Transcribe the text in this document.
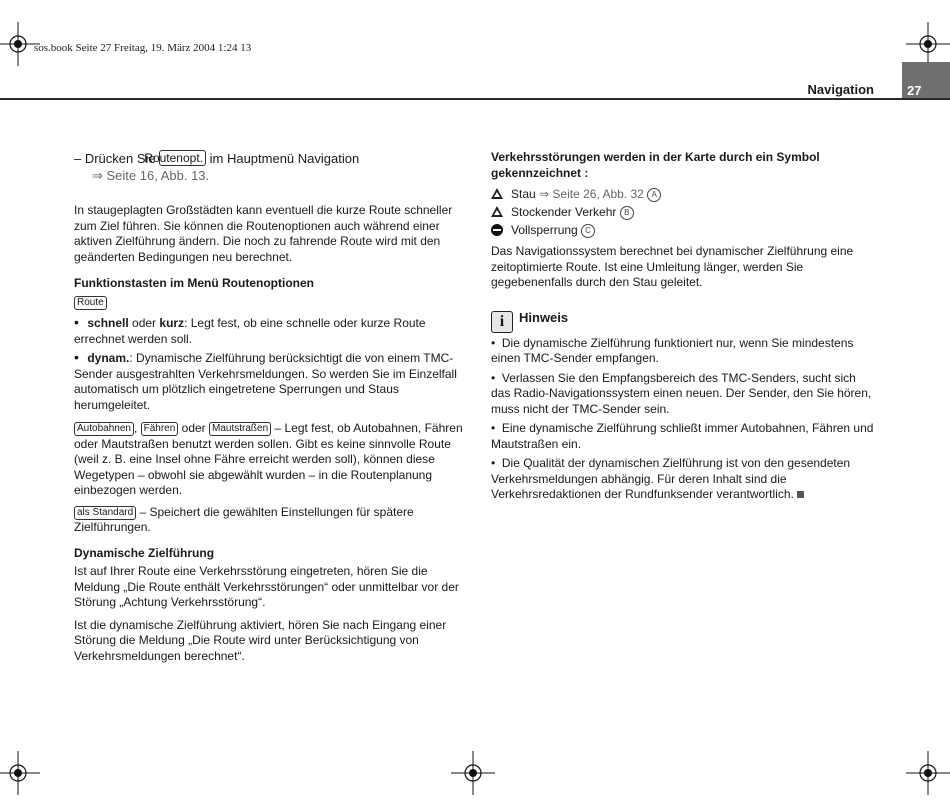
sos.book Seite 27 Freitag, 19. März 2004 1:24 13
Navigation	27

– Drücken Sie Routenopt. im Hauptmenü Navigation
⇒ Seite 16, Abb. 13.

In staugeplagten Großstädten kann eventuell die kurze Route schneller zum Ziel führen. Sie können die Routenoptionen auch während einer aktiven Zielführung ändern. Die noch zu fahrende Route wird mit den geänderten Bedingungen neu berechnet.

Funktionstasten im Menü Routenoptionen

Route

• schnell oder kurz: Legt fest, ob eine schnelle oder kurze Route errechnet werden soll.

• dynam.: Dynamische Zielführung berücksichtigt die von einem TMC-Sender ausgestrahlten Verkehrsmeldungen. So werden Sie im Einzelfall automatisch um plötzlich eingetretene Sperrungen und Staus herumgeleitet.

Autobahnen , Fähren oder Mautstraßen – Legt fest, ob Autobahnen, Fähren oder Mautstraßen benutzt werden sollen. Gibt es keine sinnvolle Route (weil z. B. eine Insel ohne Fähre erreicht werden soll), können diese Wegetypen – obwohl sie abgewählt wurden – in die Routenplanung einbezogen werden.

als Standard – Speichert die gewählten Einstellungen für spätere Zielführungen.

Dynamische Zielführung

Ist auf Ihrer Route eine Verkehrsstörung eingetreten, hören Sie die Meldung „Die Route enthält Verkehrsstörungen“ oder unmittelbar vor der Störung „Achtung Verkehrsstörung“.

Ist die dynamische Zielführung aktiviert, hören Sie nach Eingang einer Störung die Meldung „Die Route wird unter Berücksichtigung von Verkehrsmeldungen berechnet“.

Verkehrsstörungen werden in der Karte durch ein Symbol gekennzeichnet :

Stau ⇒ Seite 26, Abb. 32 A

Stockender Verkehr B

Vollsperrung C

Das Navigationssystem berechnet bei dynamischer Zielführung eine zeitoptimierte Route. Ist eine Umleitung länger, werden Sie gegebenenfalls durch den Stau geleitet.

i Hinweis

•  Die dynamische Zielführung funktioniert nur, wenn Sie mindestens einen TMC-Sender empfangen.

•  Verlassen Sie den Empfangsbereich des TMC-Senders, sucht sich das Radio-Navigationssystem einen neuen. Der Sender, den Sie hören, muss nicht der TMC-Sender sein.

•  Eine dynamische Zielführung schließt immer Autobahnen, Fähren und Mautstraßen ein.

•  Die Qualität der dynamischen Zielführung ist von den gesendeten Verkehrsmeldungen abhängig. Für deren Inhalt sind die Verkehrsredaktionen der Rundfunksender verantwortlich.
